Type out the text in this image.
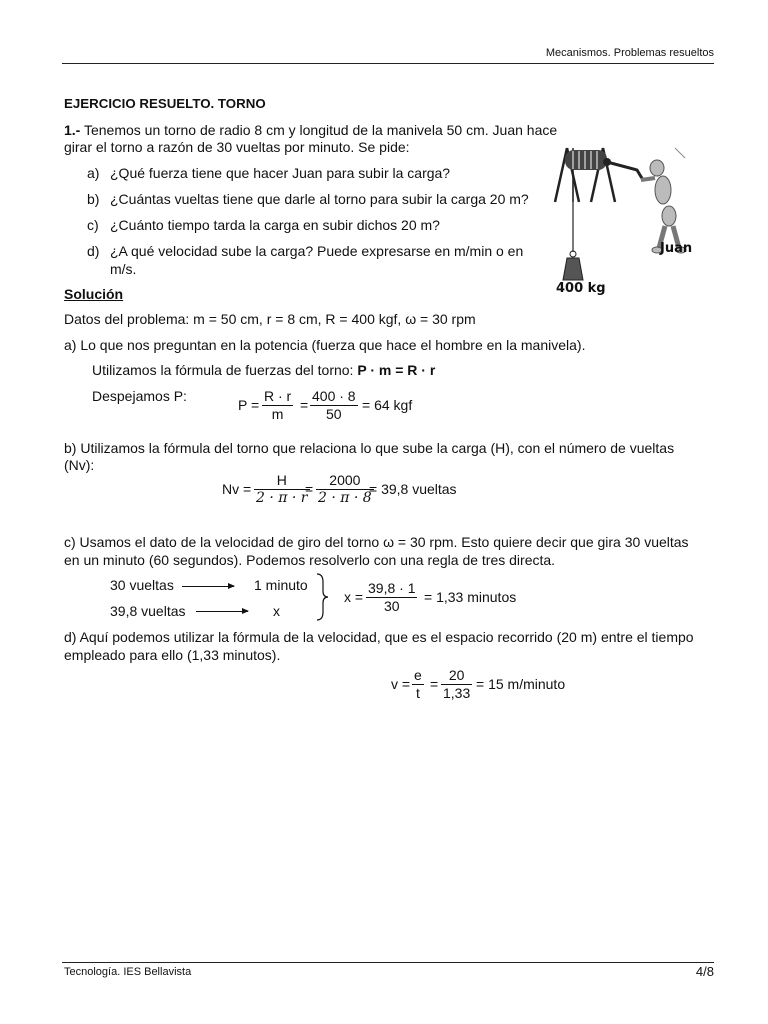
Mecanismos. Problemas resueltos
EJERCICIO RESUELTO. TORNO
1.- Tenemos un torno de radio 8 cm y longitud de la manivela 50 cm. Juan hace
girar el torno a razón de 30 vueltas por minuto. Se pide:
a) ¿Qué fuerza tiene que hacer Juan para subir la carga?
b) ¿Cuántas vueltas tiene que darle al torno para subir la carga 20 m?
c) ¿Cuánto tiempo tarda la carga en subir dichos 20 m?
d) ¿A qué velocidad sube la carga? Puede expresarse en m/min o en
m/s.
Juan
400 kg
Solución
Datos del problema: m = 50 cm, r = 8 cm, R = 400 kgf, ω = 30 rpm
a) Lo que nos preguntan en la potencia (fuerza que hace el hombre en la manivela).
Utilizamos la fórmula de fuerzas del torno: P · m = R · r
Despejamos P:
P =
R · r
m
=
400 · 8
50
= 64 kgf
b) Utilizamos la fórmula del torno que relaciona lo que sube la carga (H), con el número de vueltas
(Nv):
Nv =
H
2 · π · r
=
2000
2 · π · 8
= 39,8 vueltas
c) Usamos el dato de la velocidad de giro del torno ω = 30 rpm. Esto quiere decir que gira 30 vueltas
en un minuto (60 segundos). Podemos resolverlo con una regla de tres directa.
30 vueltas	1 minuto
39,8 vueltas	x
x =
39,8 · 1
30
= 1,33 minutos
d) Aquí podemos utilizar la fórmula de la velocidad, que es el espacio recorrido (20 m) entre el tiempo
empleado para ello (1,33 minutos).
v =
e
t
=
20
1,33
= 15 m/minuto
Tecnología. IES Bellavista	4/8
